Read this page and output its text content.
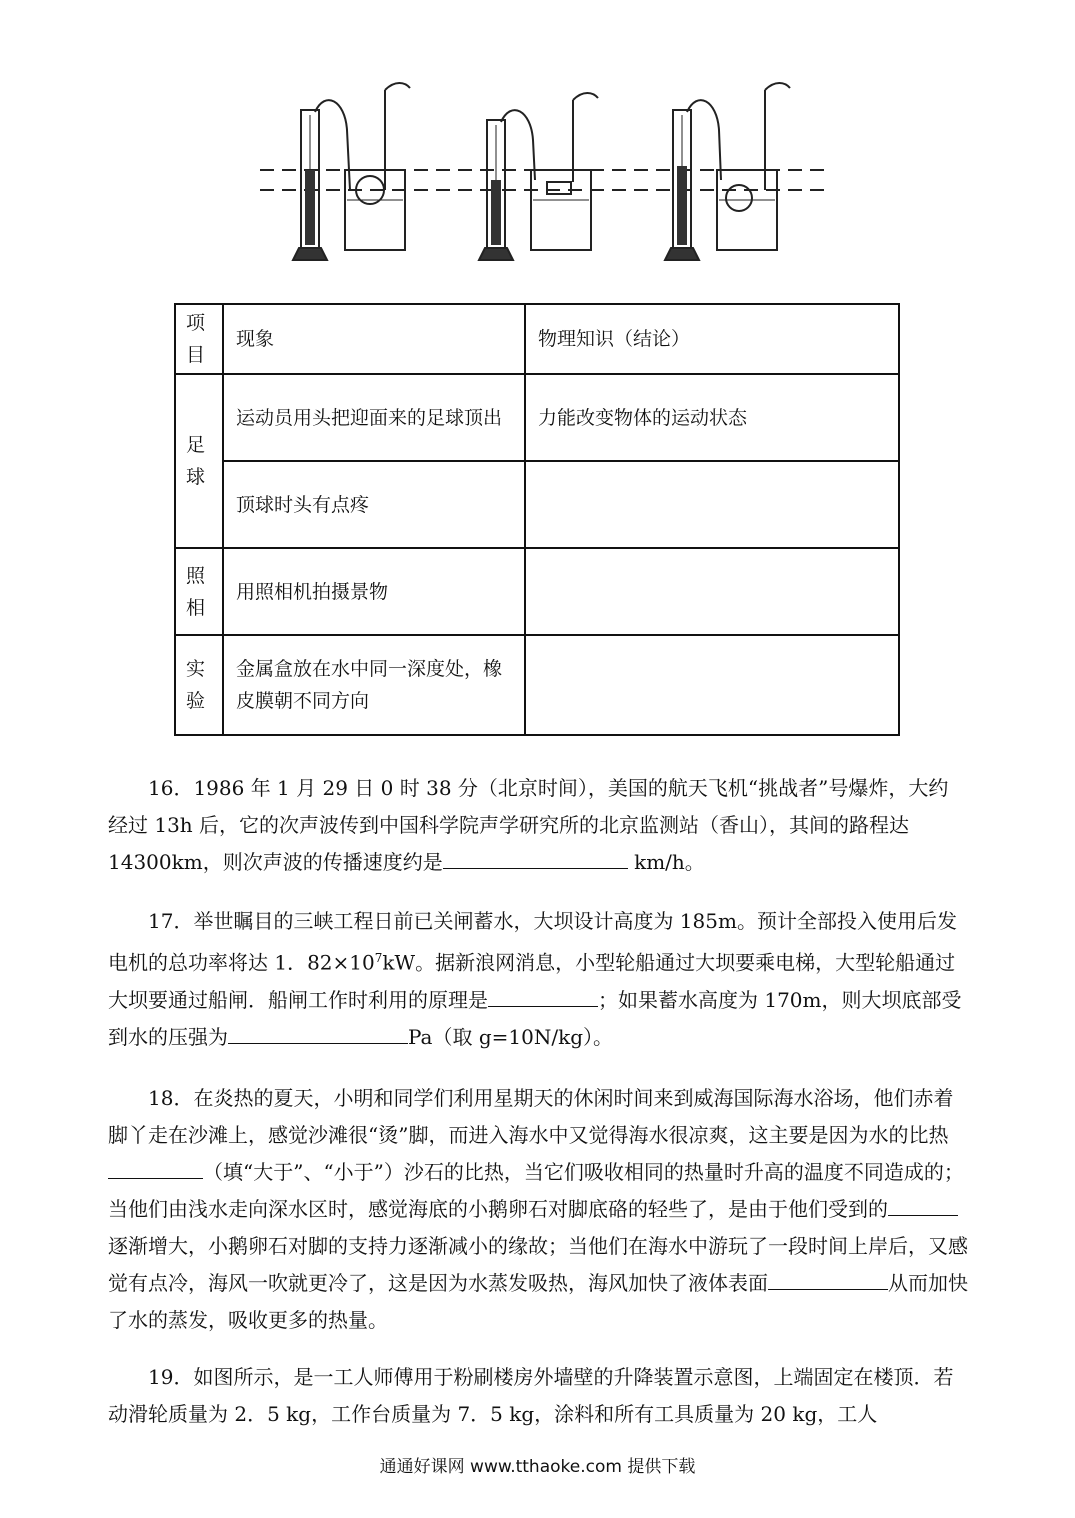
项目	现象	物理知识（结论）
足球	运动员用头把迎面来的足球顶出	力能改变物体的运动状态
	顶球时头有点疼	
照相	用照相机拍摄景物	
实验	金属盒放在水中同一深度处，橡皮膜朝不同方向	

16．1986 年 1 月 29 日 0 时 38 分（北京时间），美国的航天飞机“挑战者”号爆炸，大约经过 13h 后，它的次声波传到中国科学院声学研究所的北京监测站（香山），其间的路程达 14300km，则次声波的传播速度约是	km/h。

17．举世瞩目的三峡工程日前已关闸蓄水，大坝设计高度为 185m。预计全部投入使用后发电机的总功率将达 1．$82\times 10^7kW$。据新浪网消息，小型轮船通过大坝要乘电梯，大型轮船通过大坝要通过船闸．船闸工作时利用的原理是	；如果蓄水高度为 170m，则大坝底部受到水的压强为	Pa（取 g=10N/kg）。

18．在炎热的夏天，小明和同学们利用星期天的休闲时间来到威海国际海水浴场，他们赤着脚丫走在沙滩上，感觉沙滩很“烫”脚，而进入海水中又觉得海水很凉爽，这主要是因为水的比热（填“大于”、“小于”）沙石的比热，当它们吸收相同的热量时升高的温度不同造成的；当他们由浅水走向深水区时，感觉海底的小鹅卵石对脚底硌的轻些了，是由于他们受到的逐渐增大，小鹅卵石对脚的支持力逐渐减小的缘故；当他们在海水中游玩了一段时间上岸后，又感觉有点冷，海风一吹就更冷了，这是因为水蒸发吸热，海风加快了液体表面	从而加快了水的蒸发，吸收更多的热量。

19．如图所示，是一工人师傅用于粉刷楼房外墙壁的升降装置示意图，上端固定在楼顶．若动滑轮质量为 2．5 kg，工作台质量为 7．5 kg，涂料和所有工具质量为 20 kg，工人

通通好课网 www.tthaoke.com 提供下载
